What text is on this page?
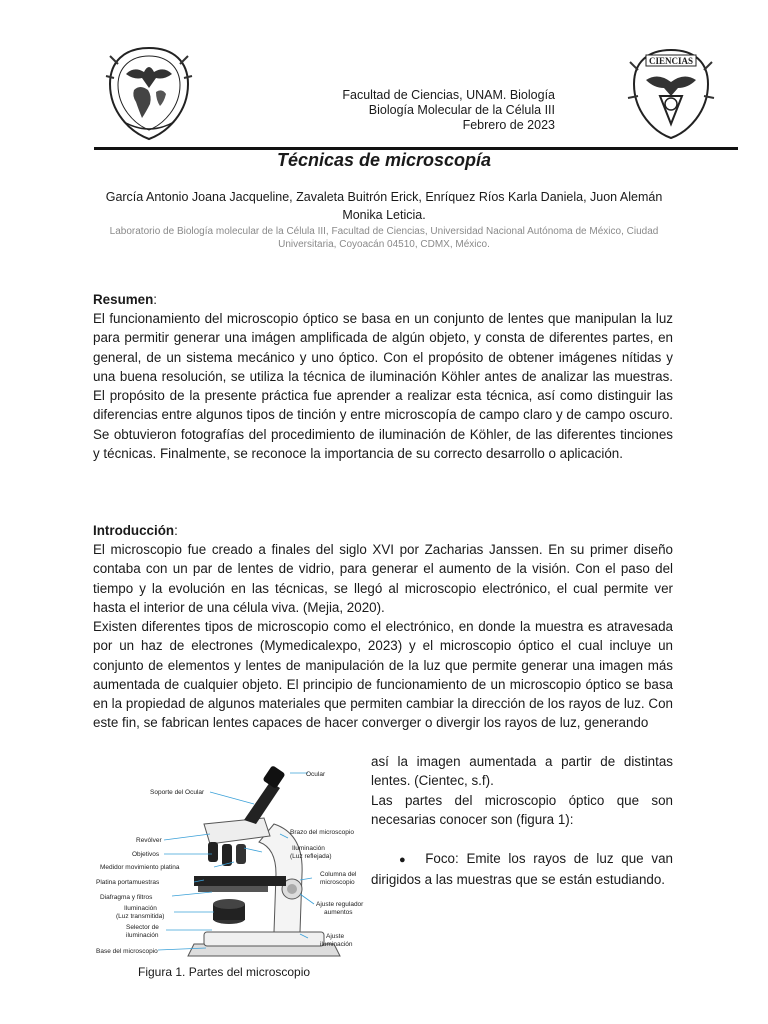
CIENCIAS
Facultad de Ciencias, UNAM. Biología
Biología Molecular de la Célula III
Febrero de 2023
Técnicas de microscopía
García Antonio Joana Jacqueline, Zavaleta Buitrón Erick, Enríquez Ríos Karla Daniela, Juon Alemán Monika Leticia.
Laboratorio de Biología molecular de la Célula III, Facultad de Ciencias, Universidad Nacional Autónoma de México, Ciudad Universitaria, Coyoacán 04510, CDMX, México.

Resumen:

El funcionamiento del microscopio óptico se basa en un conjunto de lentes que manipulan la luz para permitir generar una imágen amplificada de algún objeto, y consta de diferentes partes, en general, de un sistema mecánico y uno óptico. Con el propósito de obtener imágenes nítidas y una buena resolución, se utiliza la técnica de iluminación Köhler antes de analizar las muestras. El propósito de la presente práctica fue aprender a realizar esta técnica, así como distinguir las diferencias entre algunos tipos de tinción y entre microscopía de campo claro y de campo oscuro. Se obtuvieron fotografías del procedimiento de iluminación de Köhler, de las diferentes tinciones y técnicas. Finalmente, se reconoce la importancia de su correcto desarrollo o aplicación.

Introducción:

El microscopio fue creado a finales del siglo XVI por Zacharias Janssen. En su primer diseño contaba con un par de lentes de vidrio, para generar el aumento de la visión. Con el paso del tiempo y la evolución en las técnicas, se llegó al microscopio electrónico, el cual permite ver hasta el interior de una célula viva. (Mejia, 2020).

Existen diferentes tipos de microscopio como el electrónico, en donde la muestra es atravesada por un haz de electrones (Mymedicalexpo, 2023) y el microscopio óptico el cual incluye un conjunto de elementos y lentes de manipulación de la luz que permite generar una imagen más aumentada de cualquier objeto. El principio de funcionamiento de un microscopio óptico se basa en la propiedad de algunos materiales que permiten cambiar la dirección de los rayos de luz. Con este fin, se fabrican lentes capaces de hacer converger o divergir los rayos de luz, generando

así la imagen aumentada a partir de distintas lentes. (Cientec, s.f).

Las partes del microscopio óptico que son necesarias conocer son (figura 1):

● Foco: Emite los rayos de luz que van dirigidos a las muestras que se están estudiando.
Ocular
Soporte del Ocular
Revólver
Objetivos
Medidor movimiento platina
Platina portamuestras
Diafragma y filtros
Iluminación
(Luz transmitida)
Selector de
iluminación
Base del microscopio
Brazo del microscopio
Iluminación
(Luz reflejada)
Columna del
microscopio
Ajuste regulador
aumentos
Ajuste
iluminación
Figura 1. Partes del microscopio
